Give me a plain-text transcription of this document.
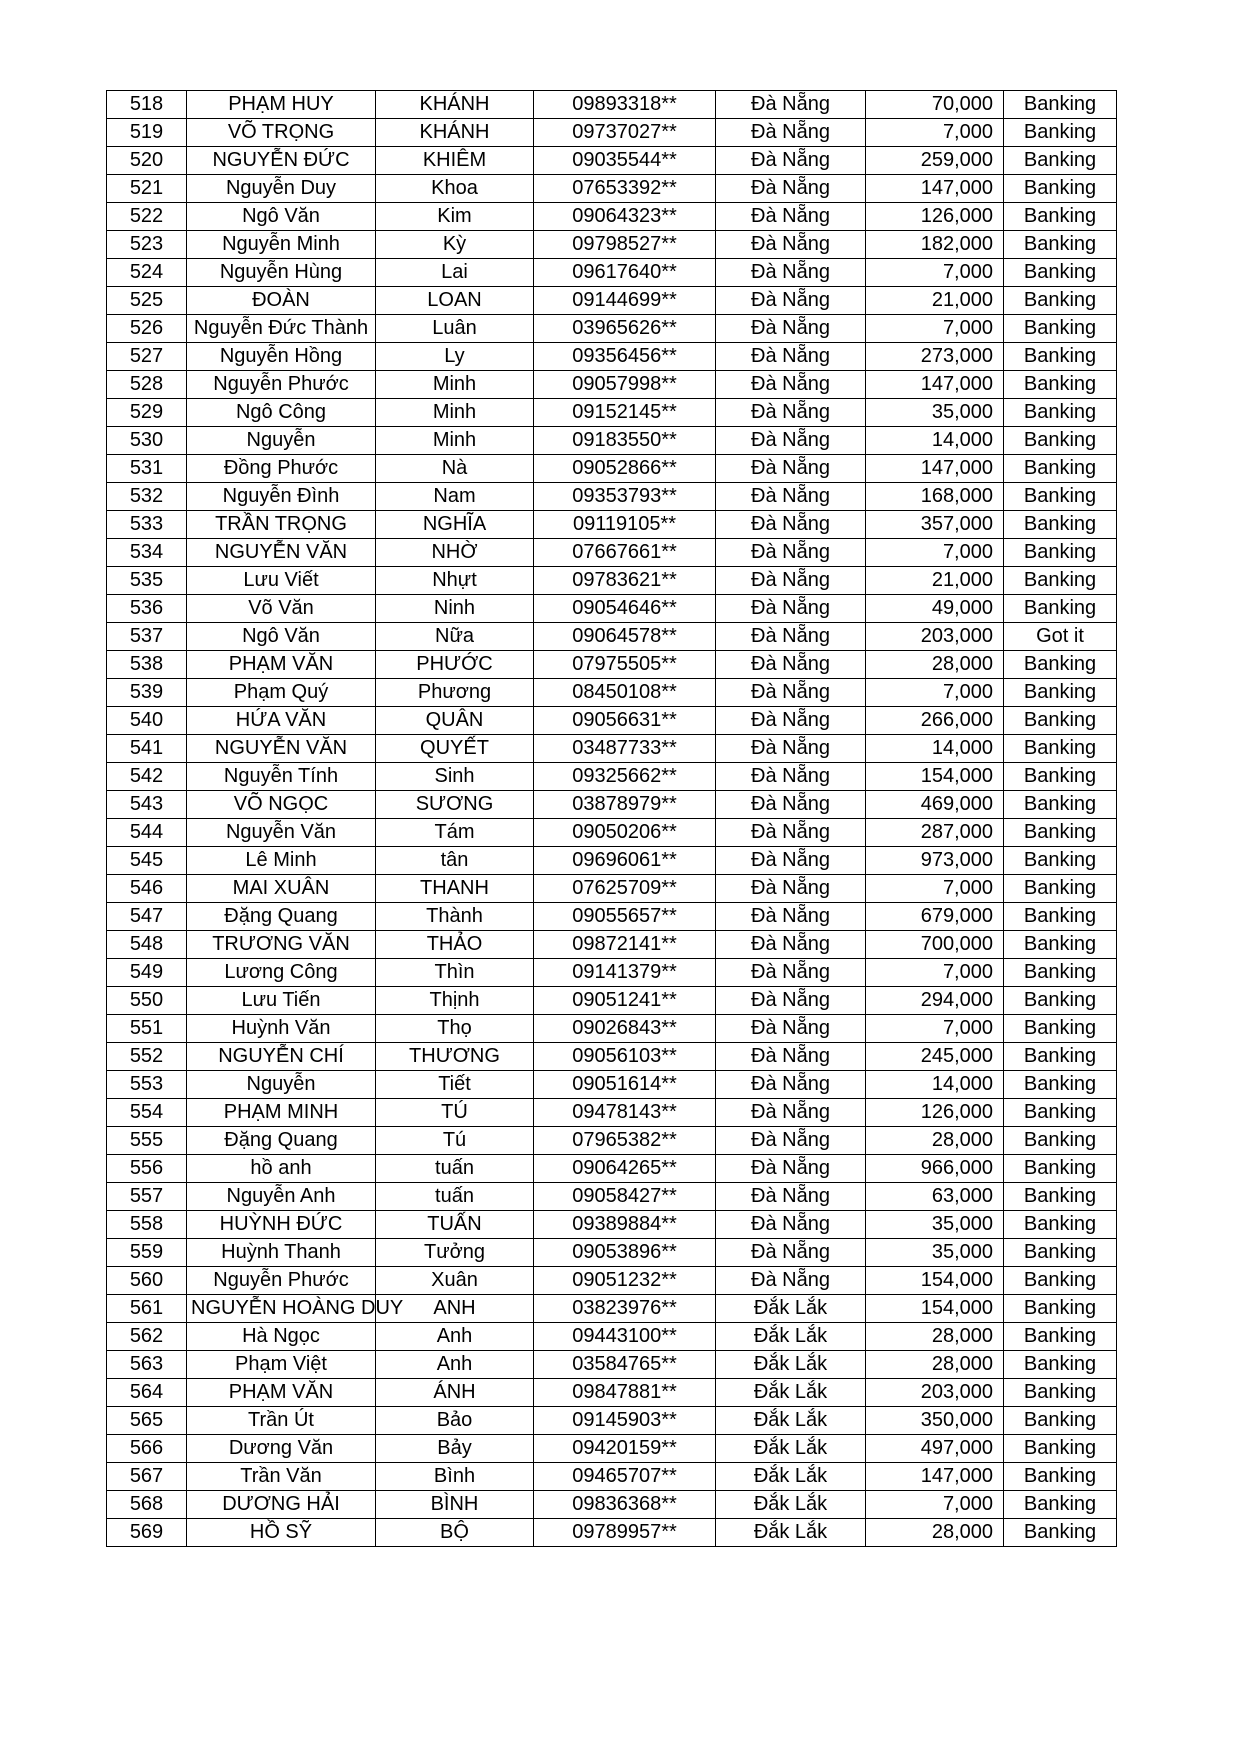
518	PHẠM HUY	KHÁNH	09893318**	Đà Nẵng	70,000	Banking
519	VÕ TRỌNG	KHÁNH	09737027**	Đà Nẵng	7,000	Banking
520	NGUYỄN ĐỨC	KHIÊM	09035544**	Đà Nẵng	259,000	Banking
521	Nguyễn Duy	Khoa	07653392**	Đà Nẵng	147,000	Banking
522	Ngô Văn	Kim	09064323**	Đà Nẵng	126,000	Banking
523	Nguyễn Minh	Kỳ	09798527**	Đà Nẵng	182,000	Banking
524	Nguyễn Hùng	Lai	09617640**	Đà Nẵng	7,000	Banking
525	ĐOÀN	LOAN	09144699**	Đà Nẵng	21,000	Banking
526	Nguyễn Đức Thành	Luân	03965626**	Đà Nẵng	7,000	Banking
527	Nguyễn Hồng	Ly	09356456**	Đà Nẵng	273,000	Banking
528	Nguyễn Phước	Minh	09057998**	Đà Nẵng	147,000	Banking
529	Ngô Công	Minh	09152145**	Đà Nẵng	35,000	Banking
530	Nguyễn	Minh	09183550**	Đà Nẵng	14,000	Banking
531	Đồng Phước	Nà	09052866**	Đà Nẵng	147,000	Banking
532	Nguyễn Đình	Nam	09353793**	Đà Nẵng	168,000	Banking
533	TRẦN TRỌNG	NGHĨA	09119105**	Đà Nẵng	357,000	Banking
534	NGUYỄN VĂN	NHỜ	07667661**	Đà Nẵng	7,000	Banking
535	Lưu Viết	Nhựt	09783621**	Đà Nẵng	21,000	Banking
536	Võ Văn	Ninh	09054646**	Đà Nẵng	49,000	Banking
537	Ngô Văn	Nữa	09064578**	Đà Nẵng	203,000	Got it
538	PHẠM VĂN	PHƯỚC	07975505**	Đà Nẵng	28,000	Banking
539	Phạm Quý	Phương	08450108**	Đà Nẵng	7,000	Banking
540	HỨA VĂN	QUÂN	09056631**	Đà Nẵng	266,000	Banking
541	NGUYỄN VĂN	QUYẾT	03487733**	Đà Nẵng	14,000	Banking
542	Nguyễn Tính	Sinh	09325662**	Đà Nẵng	154,000	Banking
543	VÕ NGỌC	SƯƠNG	03878979**	Đà Nẵng	469,000	Banking
544	Nguyễn Văn	Tám	09050206**	Đà Nẵng	287,000	Banking
545	Lê Minh	tân	09696061**	Đà Nẵng	973,000	Banking
546	MAI XUÂN	THANH	07625709**	Đà Nẵng	7,000	Banking
547	Đặng Quang	Thành	09055657**	Đà Nẵng	679,000	Banking
548	TRƯƠNG VĂN	THẢO	09872141**	Đà Nẵng	700,000	Banking
549	Lương Công	Thìn	09141379**	Đà Nẵng	7,000	Banking
550	Lưu Tiến	Thịnh	09051241**	Đà Nẵng	294,000	Banking
551	Huỳnh Văn	Thọ	09026843**	Đà Nẵng	7,000	Banking
552	NGUYỄN CHÍ	THƯƠNG	09056103**	Đà Nẵng	245,000	Banking
553	Nguyễn	Tiết	09051614**	Đà Nẵng	14,000	Banking
554	PHẠM MINH	TÚ	09478143**	Đà Nẵng	126,000	Banking
555	Đặng Quang	Tú	07965382**	Đà Nẵng	28,000	Banking
556	hồ anh	tuấn	09064265**	Đà Nẵng	966,000	Banking
557	Nguyễn Anh	tuấn	09058427**	Đà Nẵng	63,000	Banking
558	HUỲNH ĐỨC	TUẤN	09389884**	Đà Nẵng	35,000	Banking
559	Huỳnh Thanh	Tưởng	09053896**	Đà Nẵng	35,000	Banking
560	Nguyễn Phước	Xuân	09051232**	Đà Nẵng	154,000	Banking
561	NGUYỄN HOÀNG DUY	ANH	03823976**	Đắk Lắk	154,000	Banking
562	Hà Ngọc	Anh	09443100**	Đắk Lắk	28,000	Banking
563	Phạm Việt	Anh	03584765**	Đắk Lắk	28,000	Banking
564	PHẠM VĂN	ÁNH	09847881**	Đắk Lắk	203,000	Banking
565	Trần Út	Bảo	09145903**	Đắk Lắk	350,000	Banking
566	Dương Văn	Bảy	09420159**	Đắk Lắk	497,000	Banking
567	Trần Văn	Bình	09465707**	Đắk Lắk	147,000	Banking
568	DƯƠNG HẢI	BÌNH	09836368**	Đắk Lắk	7,000	Banking
569	HỒ SỸ	BỘ	09789957**	Đắk Lắk	28,000	Banking
